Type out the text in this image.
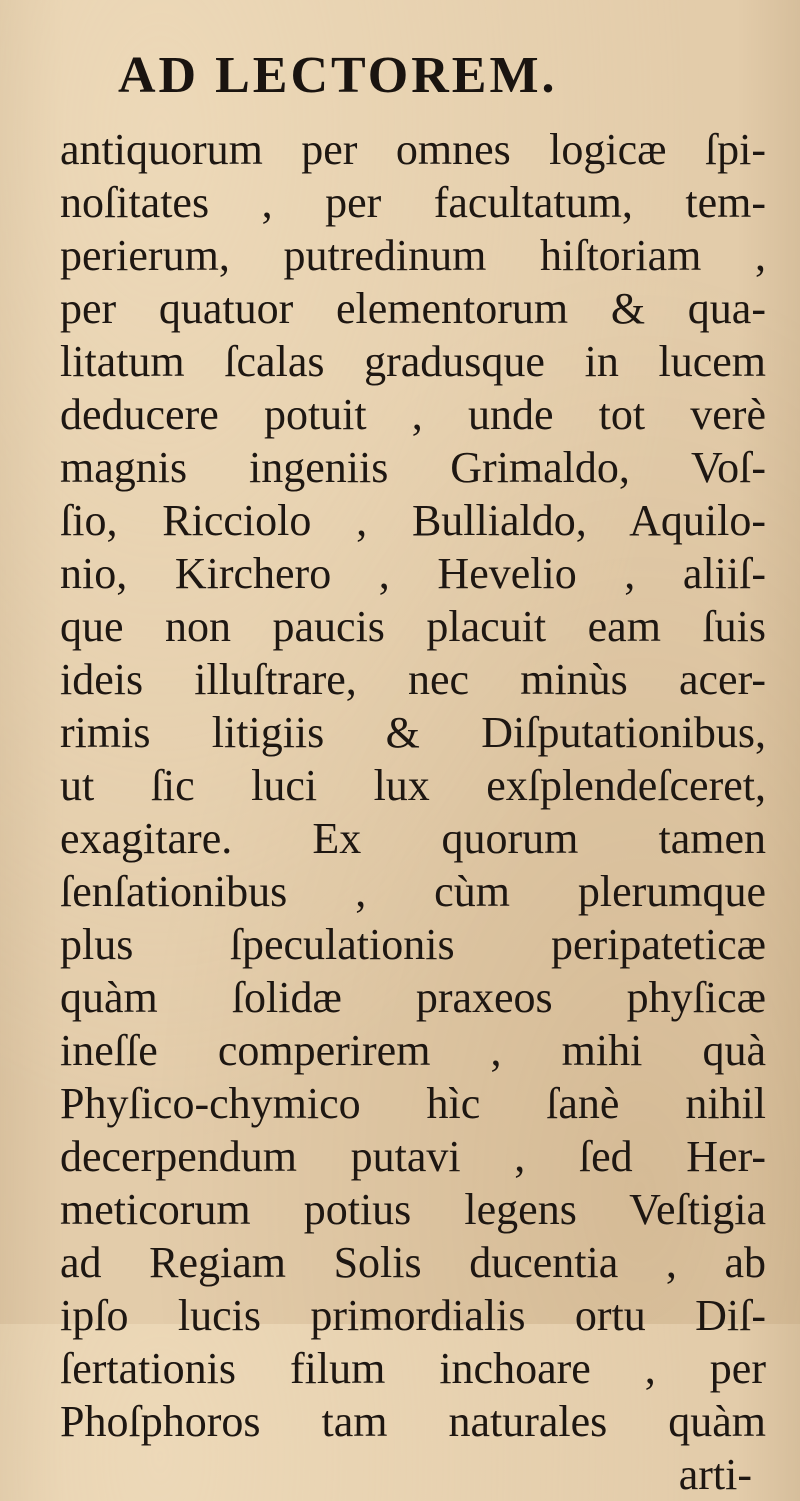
AD LECTOREM.
antiquorum per omnes logicæ ſpi-
noſitates , per facultatum, tem-
perierum, putredinum hiſtoriam ,
per quatuor elementorum & qua-
litatum ſcalas gradusque in lucem
deducere potuit , unde tot verè
magnis ingeniis Grimaldo, Voſ-
ſio, Ricciolo , Bullialdo, Aquilo-
nio, Kirchero , Hevelio , aliiſ-
que non paucis placuit eam ſuis
ideis illuſtrare, nec minùs acer-
rimis litigiis & Diſputationibus,
ut ſic luci lux exſplendeſceret,
exagitare. Ex quorum tamen
ſenſationibus , cùm plerumque
plus ſpeculationis peripateticæ
quàm ſolidæ praxeos phyſicæ
ineſſe comperirem , mihi quà
Phyſico-chymico hìc ſanè nihil
decerpendum putavi , ſed Her-
meticorum potius legens Veſtigia
ad Regiam Solis ducentia , ab
ipſo lucis primordialis ortu Diſ-
ſertationis filum inchoare , per
Phoſphoros tam naturales quàm
arti-
